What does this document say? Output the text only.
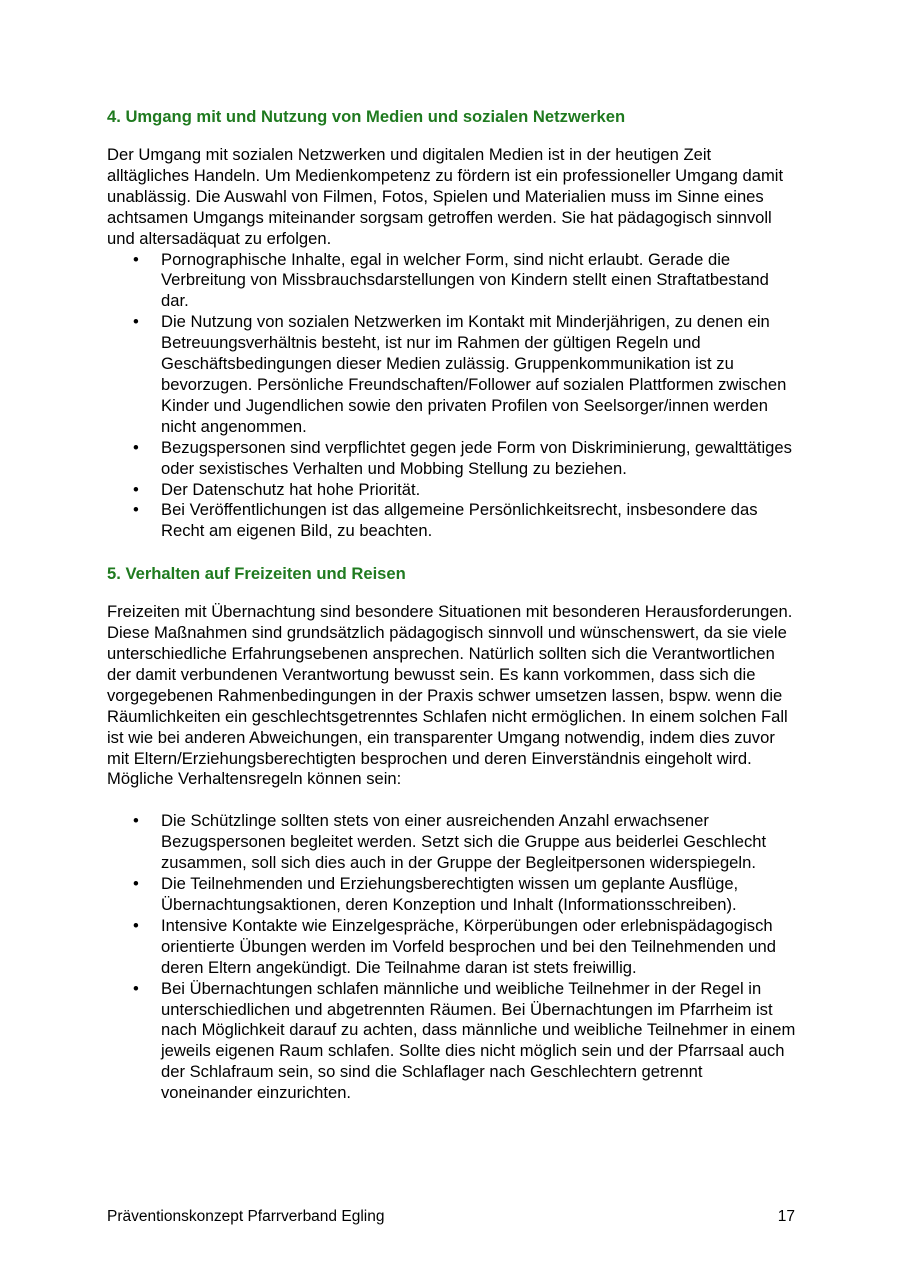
4. Umgang mit und Nutzung von Medien und sozialen Netzwerken

Der Umgang mit sozialen Netzwerken und digitalen Medien ist in der heutigen Zeit alltägliches Handeln. Um Medienkompetenz zu fördern ist ein professioneller Umgang damit unablässig. Die Auswahl von Filmen, Fotos, Spielen und Materialien muss im Sinne eines achtsamen Umgangs miteinander sorgsam getroffen werden. Sie hat pädagogisch sinnvoll und altersadäquat zu erfolgen.

• Pornographische Inhalte, egal in welcher Form, sind nicht erlaubt. Gerade die Verbreitung von Missbrauchsdarstellungen von Kindern stellt einen Straftatbestand dar.
• Die Nutzung von sozialen Netzwerken im Kontakt mit Minderjährigen, zu denen ein Betreuungsverhältnis besteht, ist nur im Rahmen der gültigen Regeln und Geschäftsbedingungen dieser Medien zulässig. Gruppenkommunikation ist zu bevorzugen. Persönliche Freundschaften/Follower auf sozialen Plattformen zwischen Kinder und Jugendlichen sowie den privaten Profilen von Seelsorger/innen werden nicht angenommen.
• Bezugspersonen sind verpflichtet gegen jede Form von Diskriminierung, gewalttätiges oder sexistisches Verhalten und Mobbing Stellung zu beziehen.
• Der Datenschutz hat hohe Priorität.
• Bei Veröffentlichungen ist das allgemeine Persönlichkeitsrecht, insbesondere das Recht am eigenen Bild, zu beachten.
5. Verhalten auf Freizeiten und Reisen

Freizeiten mit Übernachtung sind besondere Situationen mit besonderen Herausforderungen. Diese Maßnahmen sind grundsätzlich pädagogisch sinnvoll und wünschenswert, da sie viele unterschiedliche Erfahrungsebenen ansprechen. Natürlich sollten sich die Verantwortlichen der damit verbundenen Verantwortung bewusst sein. Es kann vorkommen, dass sich die vorgegebenen Rahmenbedingungen in der Praxis schwer umsetzen lassen, bspw. wenn die Räumlichkeiten ein geschlechtsgetrenntes Schlafen nicht ermöglichen. In einem solchen Fall ist wie bei anderen Abweichungen, ein transparenter Umgang notwendig, indem dies zuvor mit Eltern/Erziehungsberechtigten besprochen und deren Einverständnis eingeholt wird.

Mögliche Verhaltensregeln können sein:

• Die Schützlinge sollten stets von einer ausreichenden Anzahl erwachsener Bezugspersonen begleitet werden. Setzt sich die Gruppe aus beiderlei Geschlecht zusammen, soll sich dies auch in der Gruppe der Begleitpersonen widerspiegeln.
• Die Teilnehmenden und Erziehungsberechtigten wissen um geplante Ausflüge, Übernachtungsaktionen, deren Konzeption und Inhalt (Informationsschreiben).
• Intensive Kontakte wie Einzelgespräche, Körperübungen oder erlebnispädagogisch orientierte Übungen werden im Vorfeld besprochen und bei den Teilnehmenden und deren Eltern angekündigt. Die Teilnahme daran ist stets freiwillig.
• Bei Übernachtungen schlafen männliche und weibliche Teilnehmer in der Regel in unterschiedlichen und abgetrennten Räumen. Bei Übernachtungen im Pfarrheim ist nach Möglichkeit darauf zu achten, dass männliche und weibliche Teilnehmer in einem jeweils eigenen Raum schlafen. Sollte dies nicht möglich sein und der Pfarrsaal auch der Schlafraum sein, so sind die Schlaflager nach Geschlechtern getrennt voneinander einzurichten.
Präventionskonzept Pfarrverband Egling	17
